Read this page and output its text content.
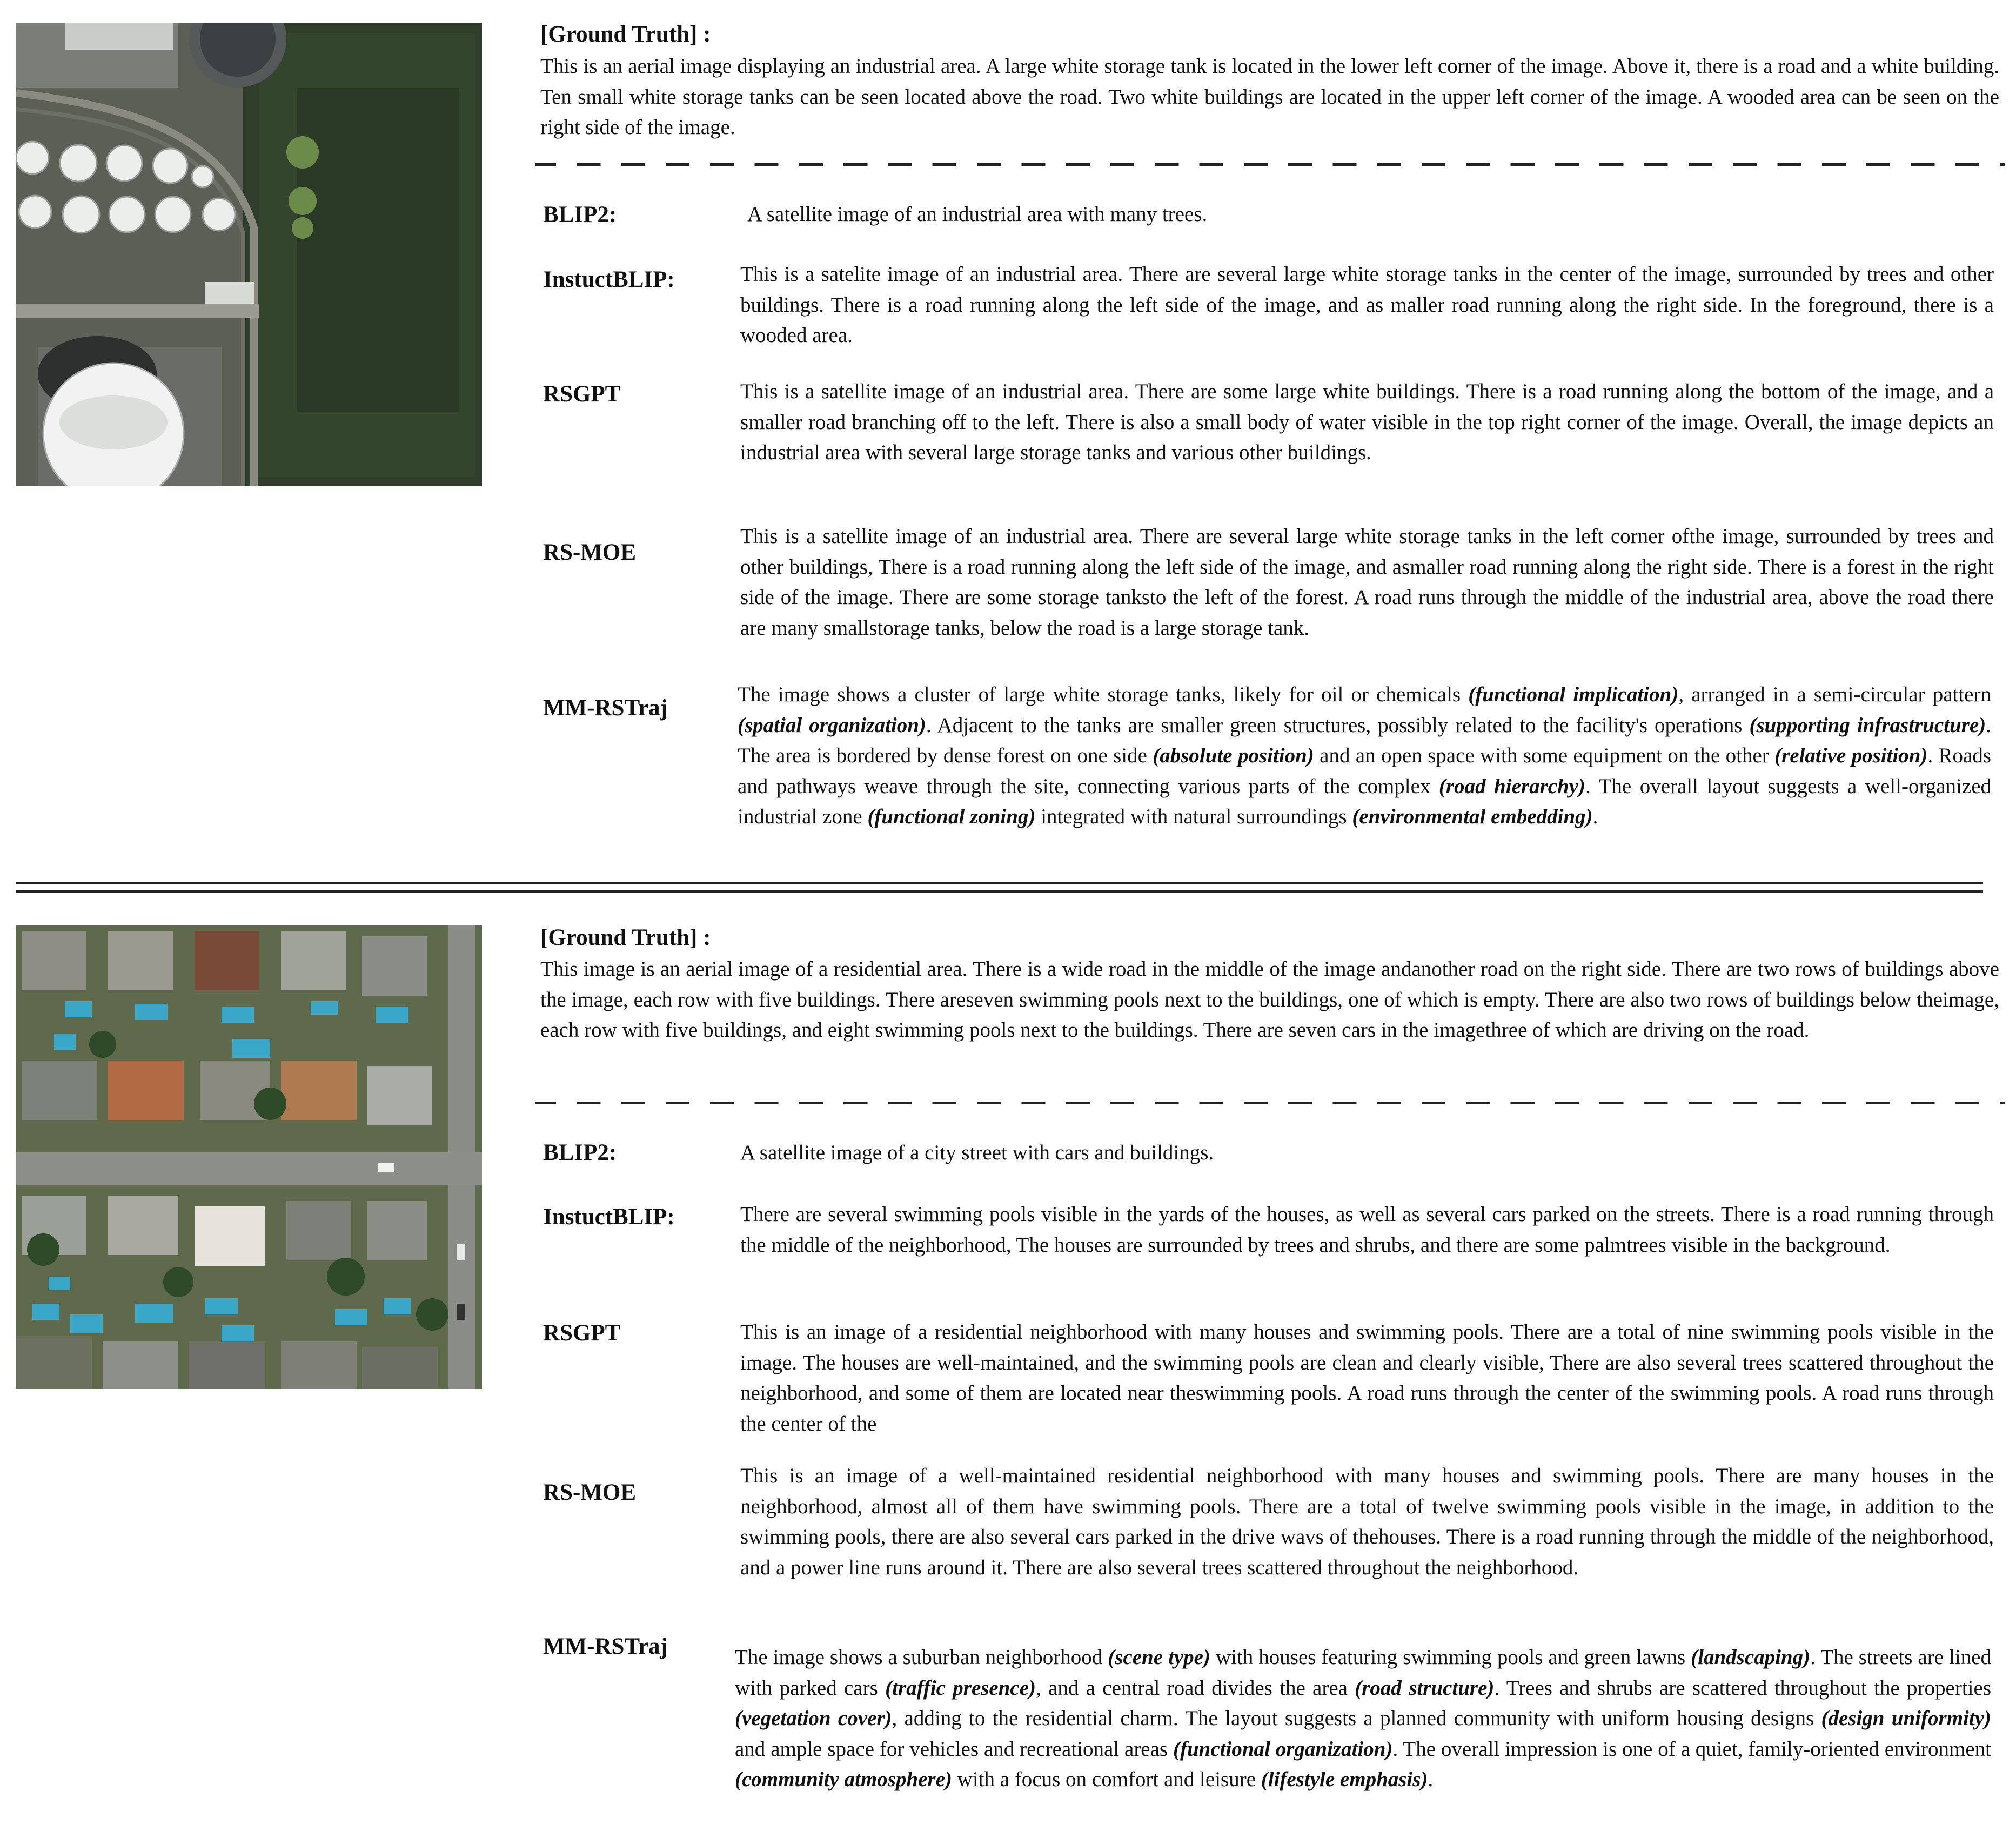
[Ground Truth] :
This is an aerial image displaying an industrial area. A large white storage tank is located in the lower left corner of the image. Above it, there is a road and a white building. Ten small white storage tanks can be seen located above the road. Two white buildings are located in the upper left corner of the image. A wooded area can be seen on the right side of the image.
BLIP2:	A satellite image of an industrial area with many trees.
InstuctBLIP:	This is a satelite image of an industrial area. There are several large white storage tanks in the center of the image, surrounded by trees and other buildings. There is a road running along the left side of the image, and as maller road running along the right side. In the foreground, there is a wooded area.
RSGPT	This is a satellite image of an industrial area. There are some large white buildings. There is a road running along the bottom of the image, and a smaller road branching off to the left. There is also a small body of water visible in the top right corner of the image. Overall, the image depicts an industrial area with several large storage tanks and various other buildings.
RS-MOE
This is a satellite image of an industrial area. There are several large white storage tanks in the left corner ofthe image, surrounded by trees and other buildings, There is a road running along the left side of the image, and asmaller road running along the right side. There is a forest in the right side of the image. There are some storage tanksto the left of the forest. A road runs through the middle of the industrial area, above the road there are many smallstorage tanks, below the road is a large storage tank.
MM-RSTraj
The image shows a cluster of large white storage tanks, likely for oil or chemicals (functional implication), arranged in a semi-circular pattern (spatial organization). Adjacent to the tanks are smaller green structures, possibly related to the facility's operations (supporting infrastructure). The area is bordered by dense forest on one side (absolute position) and an open space with some equipment on the other (relative position). Roads and pathways weave through the site, connecting various parts of the complex (road hierarchy). The overall layout suggests a well-organized industrial zone (functional zoning) integrated with natural surroundings (environmental embedding).
[Ground Truth] :
This image is an aerial image of a residential area. There is a wide road in the middle of the image andanother road on the right side. There are two rows of buildings above the image, each row with five buildings. There areseven swimming pools next to the buildings, one of which is empty. There are also two rows of buildings below theimage, each row with five buildings, and eight swimming pools next to the buildings. There are seven cars in the imagethree of which are driving on the road.
BLIP2:	A satellite image of a city street with cars and buildings.
InstuctBLIP:	There are several swimming pools visible in the yards of the houses, as well as several cars parked on the streets. There is a road running through the middle of the neighborhood, The houses are surrounded by trees and shrubs, and there are some palmtrees visible in the background.
RSGPT	This is an image of a residential neighborhood with many houses and swimming pools. There are a total of nine swimming pools visible in the image. The houses are well-maintained, and the swimming pools are clean and clearly visible, There are also several trees scattered throughout the neighborhood, and some of them are located near theswimming pools. A road runs through the center of the swimming pools. A road runs through the center of the
RS-MOE
This is an image of a well-maintained residential neighborhood with many houses and swimming pools. There are many houses in the neighborhood, almost all of them have swimming pools. There are a total of twelve swimming pools visible in the image, in addition to the swimming pools, there are also several cars parked in the drive wavs of thehouses. There is a road running through the middle of the neighborhood, and a power line runs around it. There are also several trees scattered throughout the neighborhood.
MM-RSTraj	The image shows a suburban neighborhood (scene type) with houses featuring swimming pools and green lawns (landscaping). The streets are lined with parked cars (traffic presence), and a central road divides the area (road structure). Trees and shrubs are scattered throughout the properties (vegetation cover), adding to the residential charm. The layout suggests a planned community with uniform housing designs (design uniformity) and ample space for vehicles and recreational areas (functional organization). The overall impression is one of a quiet, family-oriented environment (community atmosphere) with a focus on comfort and leisure (lifestyle emphasis).
